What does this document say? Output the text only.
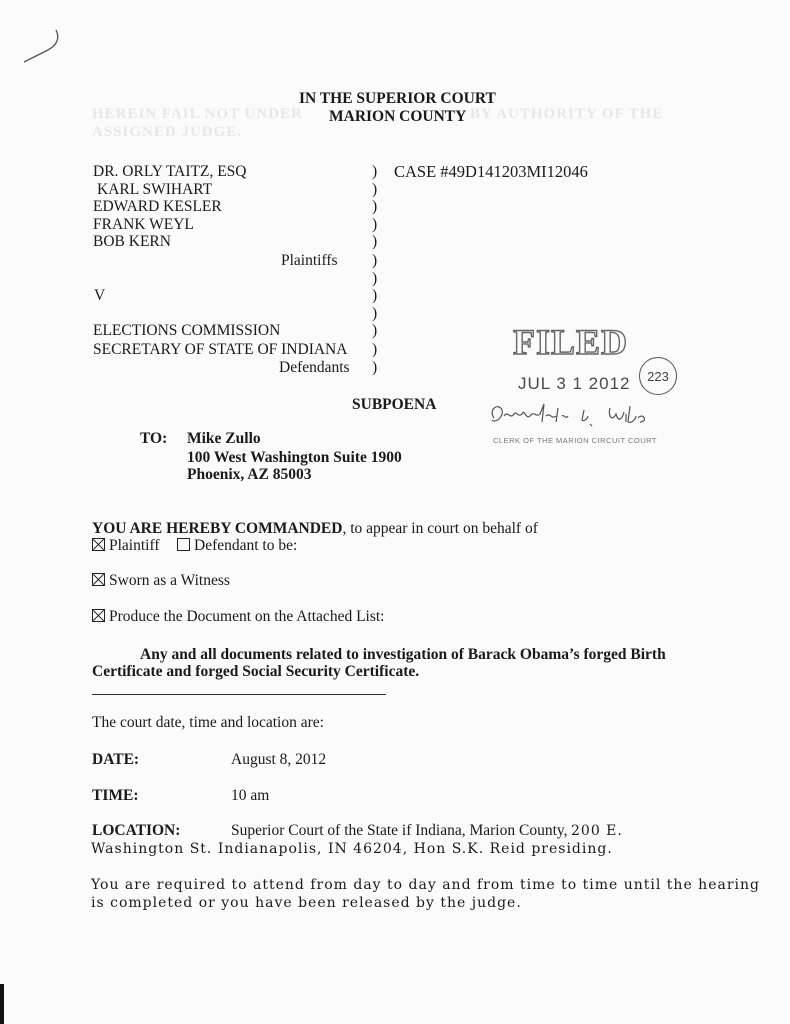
HEREIN FAIL NOT UNDER	BY AUTHORITY OF THE
ASSIGNED JUDGE.
IN THE SUPERIOR COURT
MARION COUNTY
DR. ORLY TAITZ, ESQ
KARL SWIHART
EDWARD KESLER
FRANK WEYL
BOB KERN
Plaintiffs
V
ELECTIONS COMMISSION
SECRETARY OF STATE OF INDIANA
Defendants
)
)
)
)
)
)
)
)
)
)
)
)
CASE #49D141203MI12046
FILED
JUL 3 1 2012 223
CLERK OF THE MARION CIRCUIT COURT
SUBPOENA
TO: Mike Zullo
100 West Washington Suite 1900
Phoenix, AZ 85003
YOU ARE HEREBY COMMANDED, to appear in court on behalf of
Plaintiff	Defendant to be:
Sworn as a Witness
Produce the Document on the Attached List:
Any and all documents related to investigation of Barack Obama’s forged Birth
Certificate and forged Social Security Certificate.
The court date, time and location are:
DATE:	August 8, 2012
TIME:	10 am
LOCATION:	Superior Court of the State if Indiana, Marion County, 200 E.
Washington St. Indianapolis, IN 46204, Hon S.K. Reid presiding.
You are required to attend from day to day and from time to time until the hearing
is completed or you have been released by the judge.
